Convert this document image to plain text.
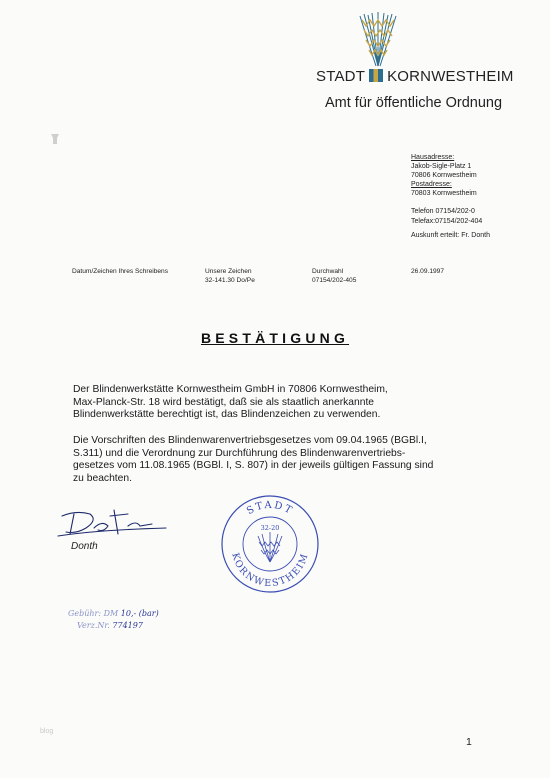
STADT KORNWESTHEIM
Amt für öffentliche Ordnung
Hausadresse:
Jakob-Sigle-Platz 1
70806 Kornwestheim
Postadresse:
70803 Kornwestheim
Telefon 07154/202-0
Telefax:07154/202-404
Auskunft erteilt: Fr. Donth
Datum/Zeichen Ihres Schreibens	Unsere Zeichen
32-141.30 Do/Pe
Durchwahl
07154/202-405
26.09.1997
BESTÄTIGUNG
Der Blindenwerkstätte Kornwestheim GmbH in 70806 Kornwestheim,
Max-Planck-Str. 18 wird bestätigt, daß sie als staatlich anerkannte
Blindenwerkstätte berechtigt ist, das Blindenzeichen zu verwenden.
Die Vorschriften des Blindenwarenvertriebsgesetzes vom 09.04.1965 (BGBl.I,
S.311) und die Verordnung zur Durchführung des Blindenwarenvertriebs-
gesetzes vom 11.08.1965 (BGBl. I, S. 807) in der jeweils gültigen Fassung sind
zu beachten.
Donth
STADT
KORNWESTHEIM
32-20
Gebühr: DM 10,- (bar)
Verz.Nr. 774197
blog
1
